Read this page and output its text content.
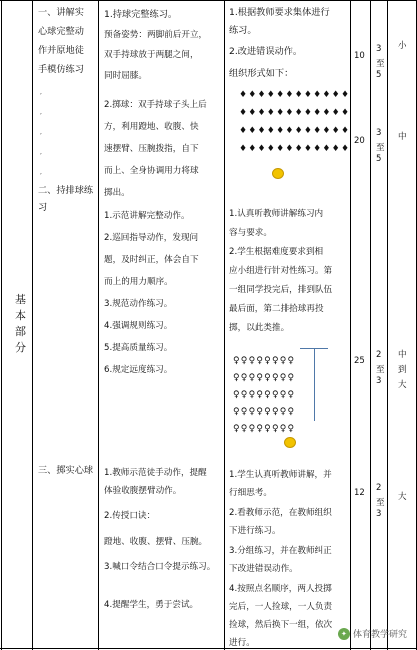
基本部分
一、讲解实
心球完整动
作并原地徒
手模仿练习
二、持排球练
习
三、掷实心球
1.持球完整练习。
预备姿势：两脚前后开立，
双手持球放于两腿之间，
同时屈膝。
2.掷球：双手持球子头上后
方，利用蹬地、收腹、快
速摆臂、压腕拨指，自下
而上、全身协调用力将球
掷出。
1.示范讲解完整动作。
2.巡回指导动作，发现问
题，及时纠正，体会自下
而上的用力顺序。
3.规范动作练习。
4.强调规则练习。
5.提高质量练习。
6.规定远度练习。
1.教师示范徒手动作，提醒
体验收腹摆臂动作。
2.传授口诀：
蹬地、收腹、摆臂、压腕。
3.喊口令结合口令提示练习。
4.提醒学生，勇于尝试。
1.根据教师要求集体进行
练习。
2.改进错误动作。
组织形式如下：
♦♦♦♦♦♦♦♦♦♦♦♦
♦♦♦♦♦♦♦♦♦♦♦♦
♦♦♦♦♦♦♦♦♦♦♦♦
♦♦♦♦♦♦♦♦♦♦♦♦
1.认真听教师讲解练习内
容与要求。
2.学生根据难度要求到相
应小组进行针对性练习。第
一组同学投完后，排到队伍
最后面，第二排拾球再投
掷，以此类推。
♀♀♀♀♀♀♀♀
♀♀♀♀♀♀♀♀
♀♀♀♀♀♀♀♀
♀♀♀♀♀♀♀♀
♀♀♀♀♀♀♀♀
1.学生认真听教师讲解，并
行细思考。
2.看教师示范，在教师组织
下进行练习。
3.分组练习，并在教师纠正
下改进错误动作。
4.按照点名顺序，两人投掷
完后，一人捡球，一人负责
捡球，然后换下一组，依次
进行。
10
20
25
12
3
至
5
3
至
5
2
至
3
2
至
3
小
中
中
到
大
大
,
,
,
,
,
✦ 体育教学研究
